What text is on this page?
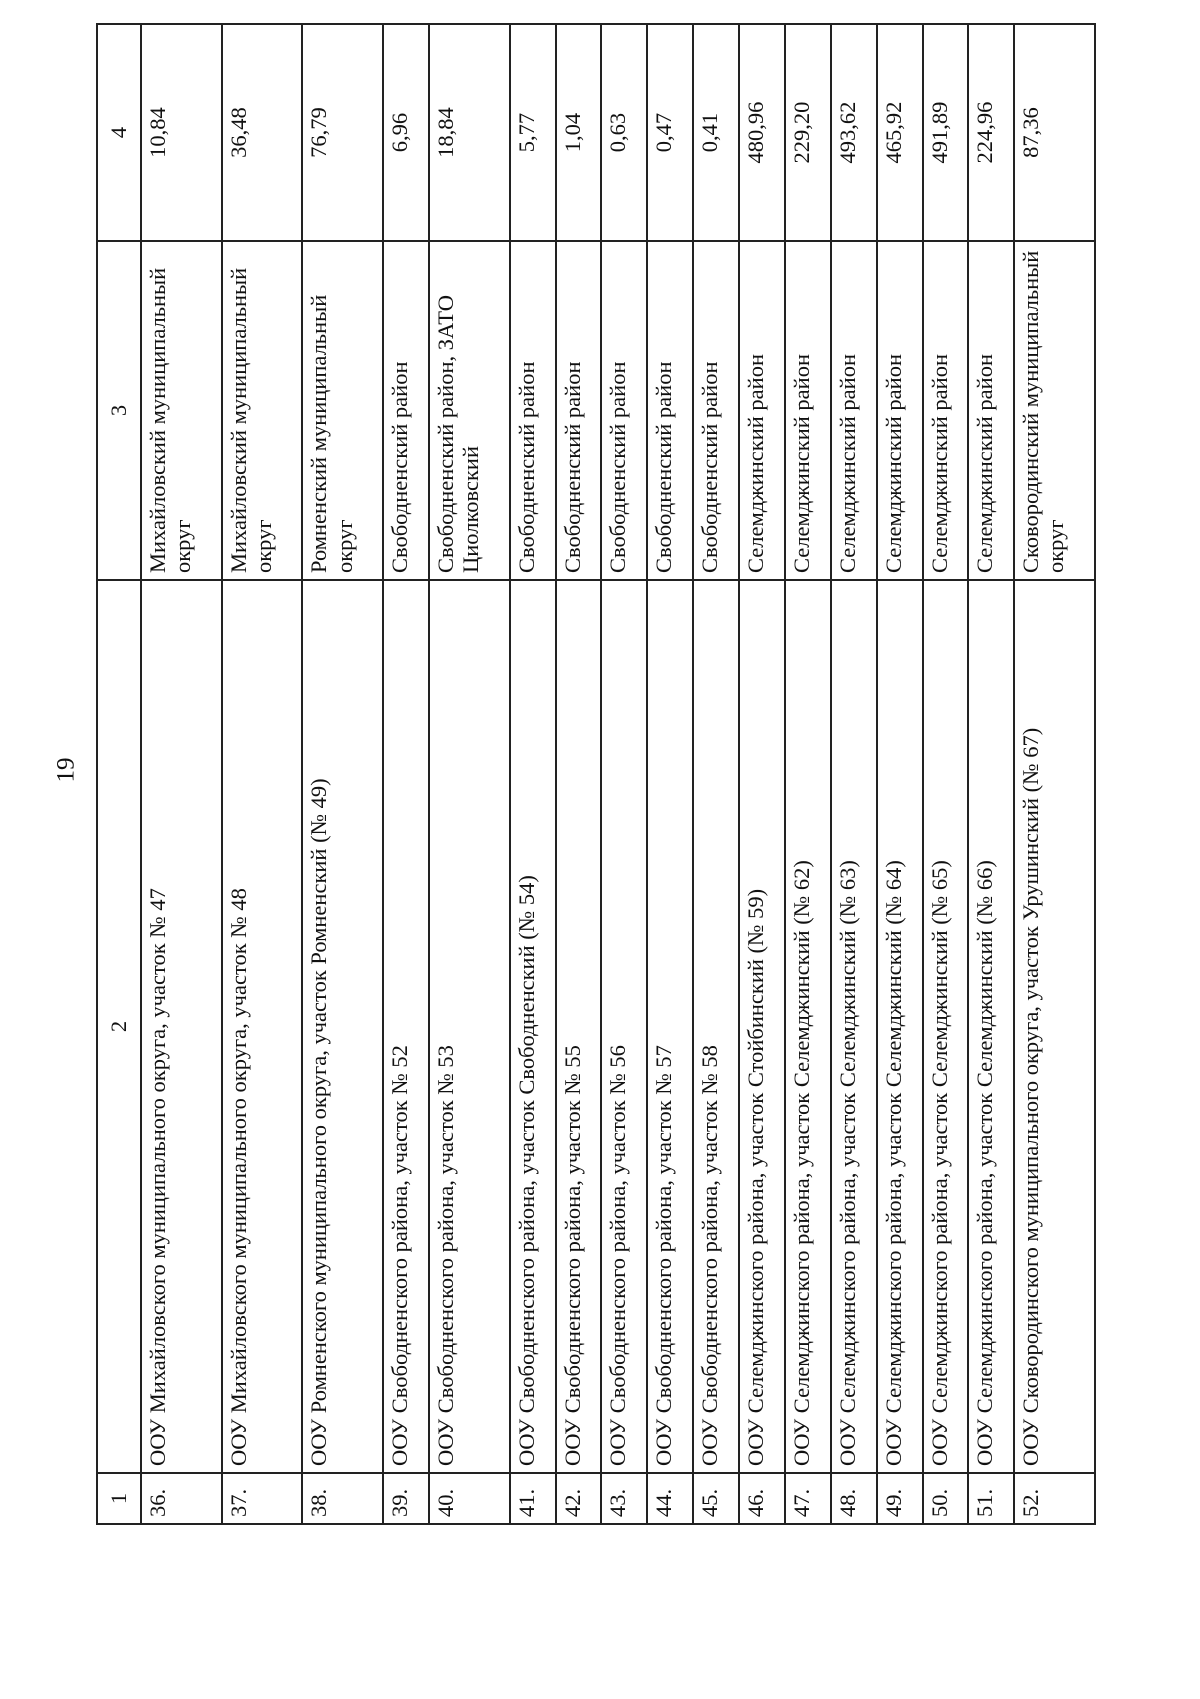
19
1	2	3	4
36.	ООУ Михайловского муниципального округа, участок № 47	Михайловский муниципальный округ	10,84
37.	ООУ Михайловского муниципального округа, участок № 48	Михайловский муниципальный округ	36,48
38.	ООУ Ромненского муниципального округа, участок Ромненский (№ 49)	Ромненский муниципальный округ	76,79
39.	ООУ Свободненского района, участок № 52	Свободненский район	6,96
40.	ООУ Свободненского района, участок № 53	Свободненский район, ЗАТО Циолковский	18,84
41.	ООУ Свободненского района, участок Свободненский (№ 54)	Свободненский район	5,77
42.	ООУ Свободненского района, участок № 55	Свободненский район	1,04
43.	ООУ Свободненского района, участок № 56	Свободненский район	0,63
44.	ООУ Свободненского района, участок № 57	Свободненский район	0,47
45.	ООУ Свободненского района, участок № 58	Свободненский район	0,41
46.	ООУ Селемджинского района, участок Стойбинский (№ 59)	Селемджинский район	480,96
47.	ООУ Селемджинского района, участок Селемджинский (№ 62)	Селемджинский район	229,20
48.	ООУ Селемджинского района, участок Селемджинский (№ 63)	Селемджинский район	493,62
49.	ООУ Селемджинского района, участок Селемджинский (№ 64)	Селемджинский район	465,92
50.	ООУ Селемджинского района, участок Селемджинский (№ 65)	Селемджинский район	491,89
51.	ООУ Селемджинского района, участок Селемджинский (№ 66)	Селемджинский район	224,96
52.	ООУ Сковородинского муниципального округа, участок Урушинский (№ 67)	Сковородинский муниципальный округ	87,36
